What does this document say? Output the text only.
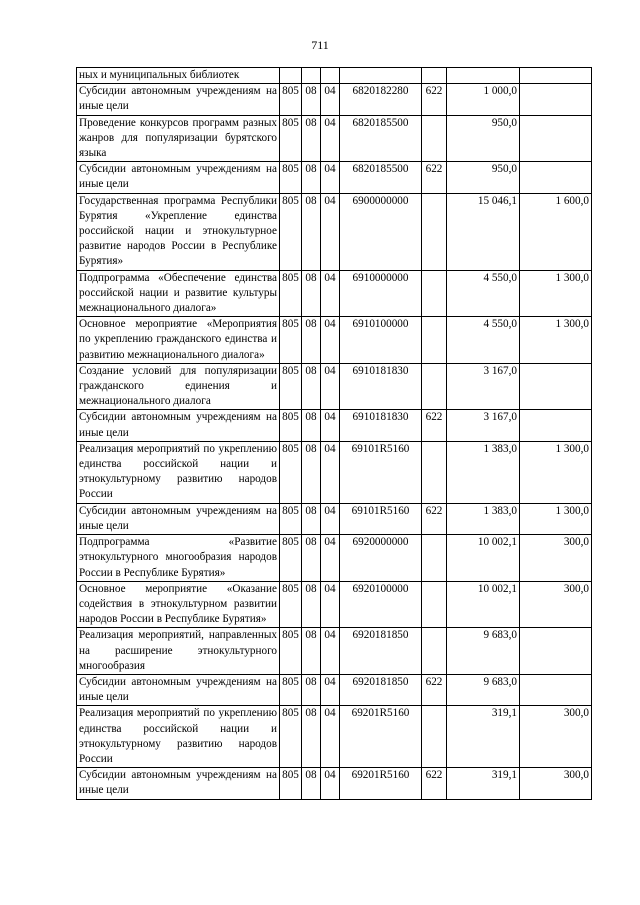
711
ных и муниципальных библиотек							
Субсидии автономным учреждениям на иные цели	805	08	04	6820182280	622	1 000,0	
Проведение конкурсов программ разных жанров для популяризации бурятского языка	805	08	04	6820185500		950,0	
Субсидии автономным учреждениям на иные цели	805	08	04	6820185500	622	950,0	
Государственная программа Республики Бурятия «Укрепление единства российской нации и этнокультурное развитие народов России в Республике Бурятия»	805	08	04	6900000000		15 046,1	1 600,0
Подпрограмма «Обеспечение единства российской нации и развитие культуры межнационального диалога»	805	08	04	6910000000		4 550,0	1 300,0
Основное мероприятие «Мероприятия по укреплению гражданского единства и развитию межнационального диалога»	805	08	04	6910100000		4 550,0	1 300,0
Создание условий для популяризации гражданского единения и межнационального диалога	805	08	04	6910181830		3 167,0	
Субсидии автономным учреждениям на иные цели	805	08	04	6910181830	622	3 167,0	
Реализация мероприятий по укреплению единства российской нации и этнокультурному развитию народов России	805	08	04	69101R5160		1 383,0	1 300,0
Субсидии автономным учреждениям на иные цели	805	08	04	69101R5160	622	1 383,0	1 300,0
Подпрограмма «Развитие этнокультурного многообразия народов России в Республике Бурятия»	805	08	04	6920000000		10 002,1	300,0
Основное мероприятие «Оказание содействия в этнокультурном развитии народов России в Республике Бурятия»	805	08	04	6920100000		10 002,1	300,0
Реализация мероприятий, направленных на расширение этнокультурного многообразия	805	08	04	6920181850		9 683,0	
Субсидии автономным учреждениям на иные цели	805	08	04	6920181850	622	9 683,0	
Реализация мероприятий по укреплению единства российской нации и этнокультурному развитию народов России	805	08	04	69201R5160		319,1	300,0
Субсидии автономным учреждениям на иные цели	805	08	04	69201R5160	622	319,1	300,0
